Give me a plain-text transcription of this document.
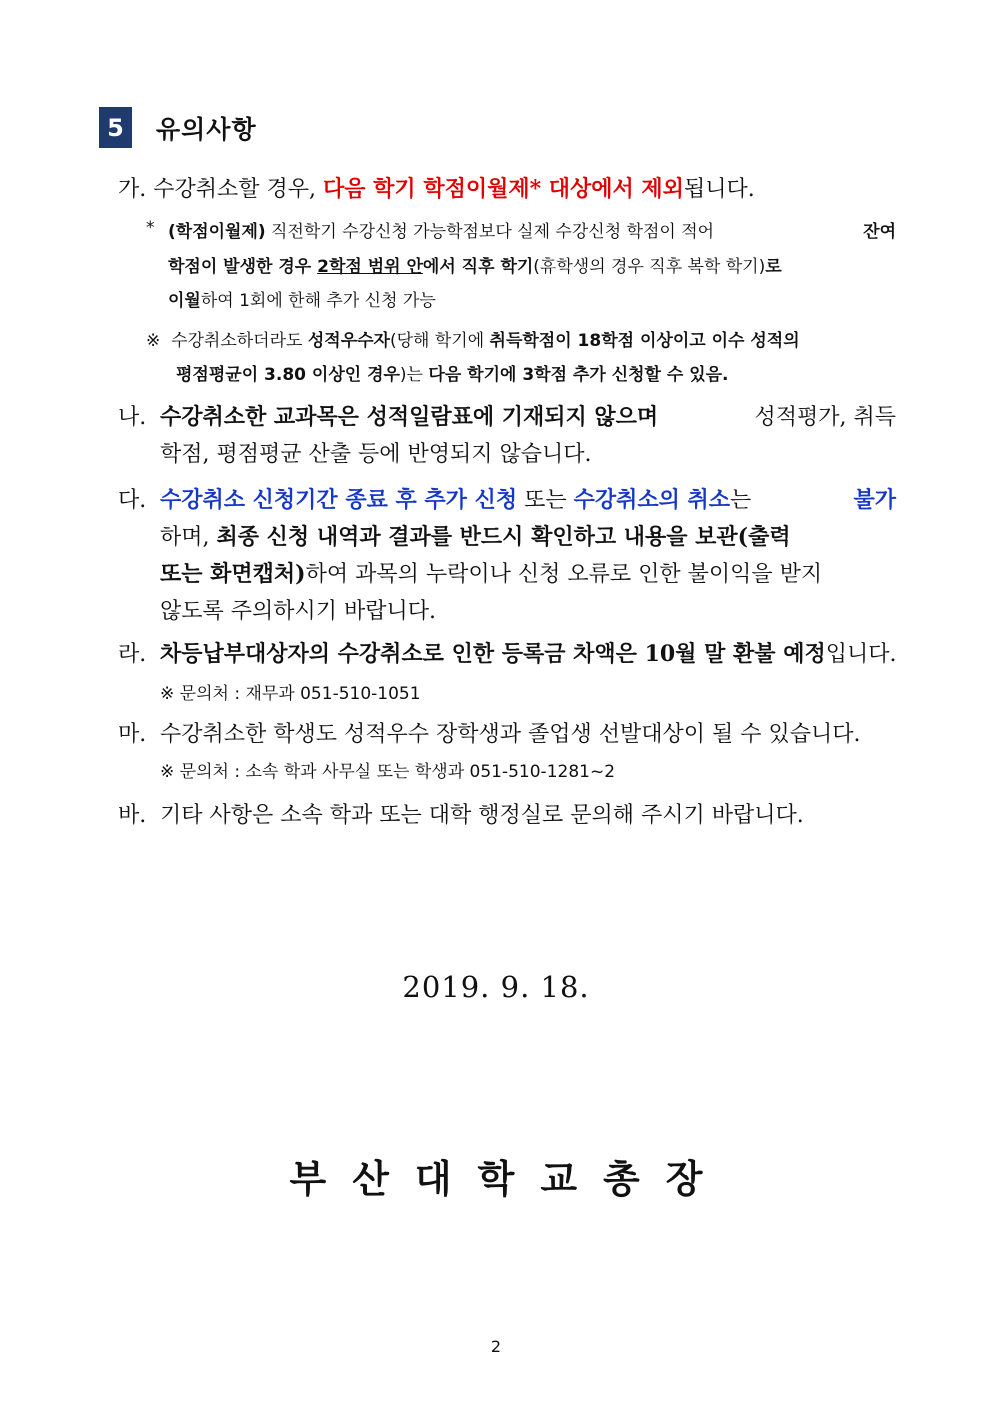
5	유의사항
가. 수강취소할 경우, 다음 학기 학점이월제* 대상에서 제외됩니다.
* (학점이월제) 직전학기 수강신청 가능학점보다 실제 수강신청 학점이 적어	잔여
학점이 발생한 경우 2학점 범위 안에서 직후 학기(휴학생의 경우 직후 복학 학기)로
이월하여 1회에 한해 추가 신청 가능
※ 수강취소하더라도 성적우수자(당해 학기에 취득학점이 18학점 이상이고 이수 성적의
평점평균이 3.80 이상인 경우)는 다음 학기에 3학점 추가 신청할 수 있음.
나. 수강취소한 교과목은 성적일람표에 기재되지 않으며	성적평가, 취득
학점, 평점평균 산출 등에 반영되지 않습니다.
다. 수강취소 신청기간 종료 후 추가 신청 또는 수강취소의 취소는	불가
하며, 최종 신청 내역과 결과를 반드시 확인하고 내용을 보관(출력
또는 화면캡처)하여 과목의 누락이나 신청 오류로 인한 불이익을 받지
않도록 주의하시기 바랍니다.
라. 차등납부대상자의 수강취소로 인한 등록금 차액은 10월 말 환불 예정입니다.
※ 문의처 : 재무과 051-510-1051
마. 수강취소한 학생도 성적우수 장학생과 졸업생 선발대상이 될 수 있습니다.
※ 문의처 : 소속 학과 사무실 또는 학생과 051-510-1281~2
바. 기타 사항은 소속 학과 또는 대학 행정실로 문의해 주시기 바랍니다.
2019. 9. 18.
부산대학교총장
2
